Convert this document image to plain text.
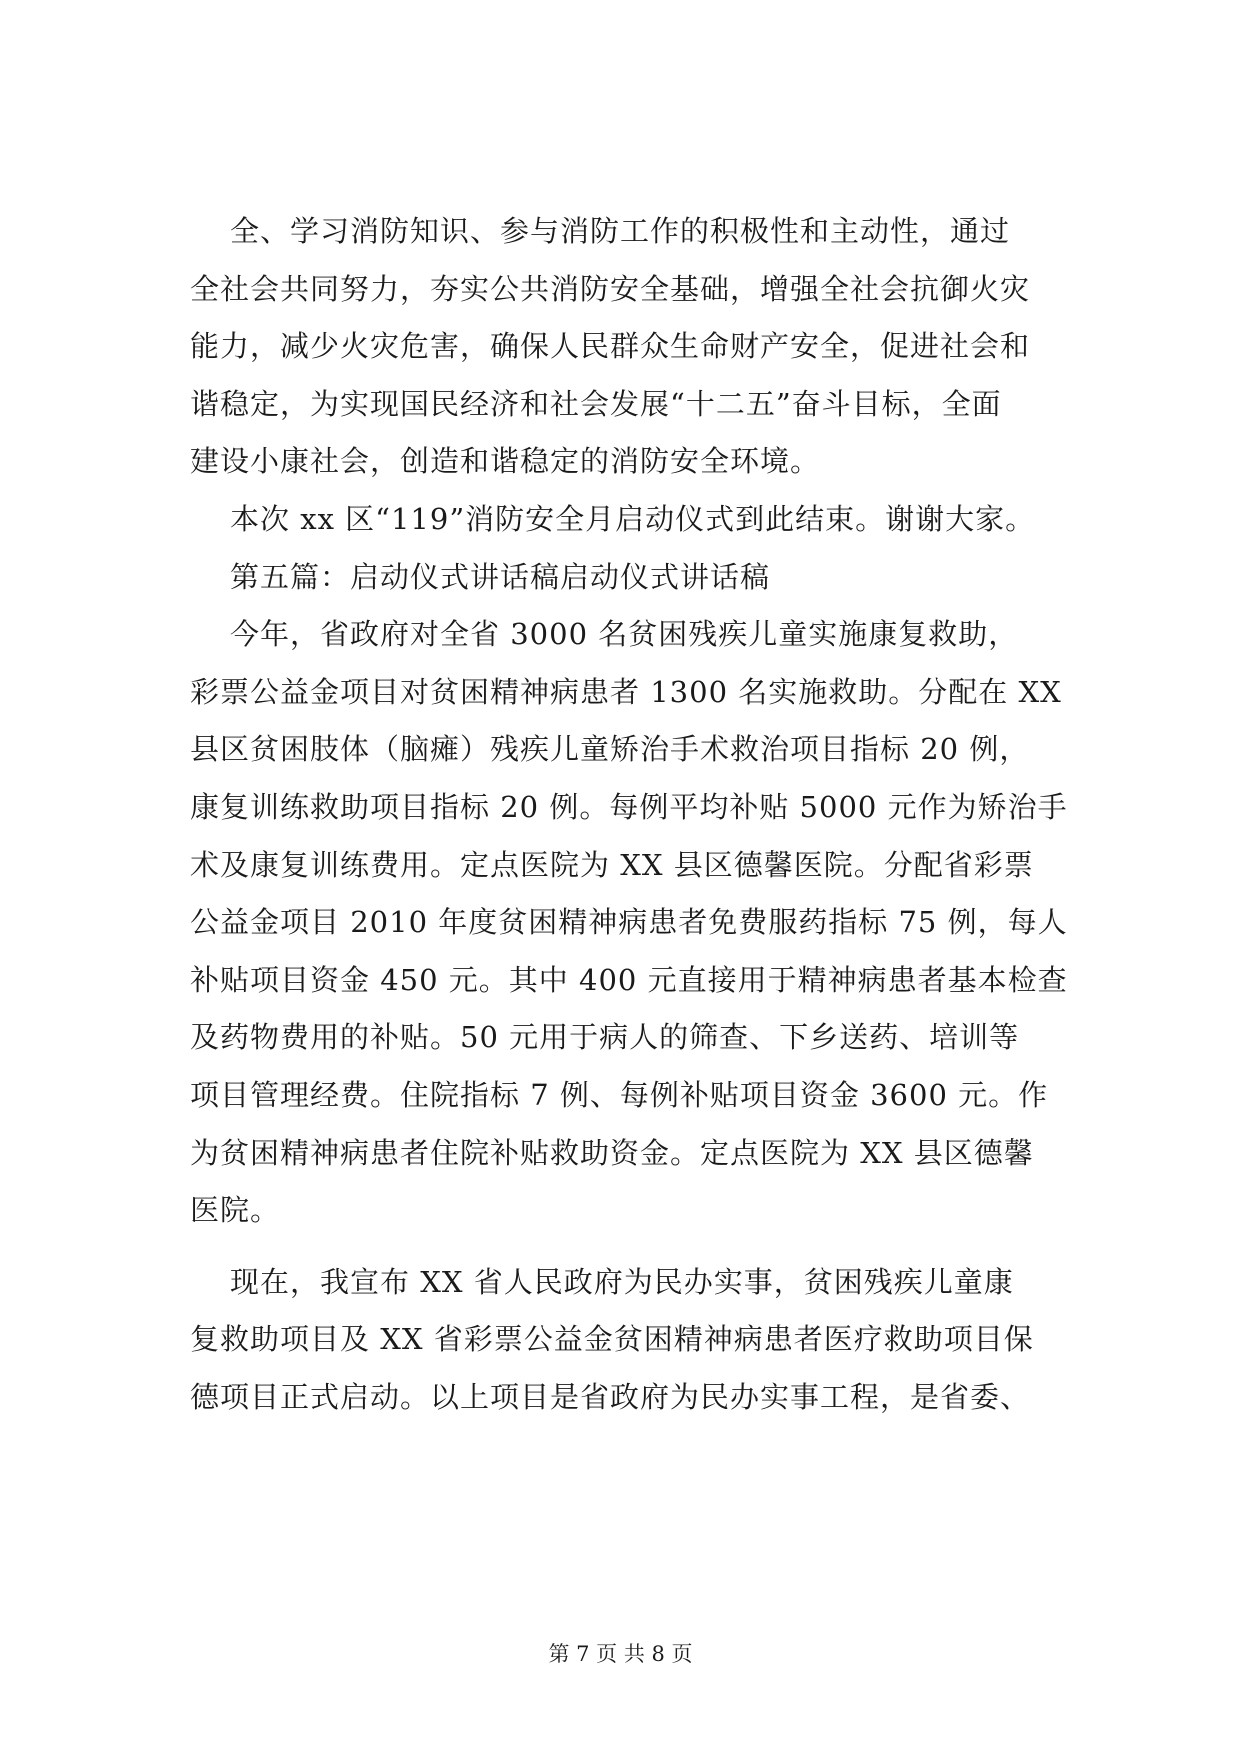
全、学习消防知识、参与消防工作的积极性和主动性，通过
全社会共同努力，夯实公共消防安全基础，增强全社会抗御火灾
能力，减少火灾危害，确保人民群众生命财产安全，促进社会和
谐稳定，为实现国民经济和社会发展“十二五”奋斗目标，全面
建设小康社会，创造和谐稳定的消防安全环境。
本次 xx 区“119”消防安全月启动仪式到此结束。谢谢大家。
第五篇：启动仪式讲话稿启动仪式讲话稿
今年，省政府对全省 3000 名贫困残疾儿童实施康复救助，
彩票公益金项目对贫困精神病患者 1300 名实施救助。分配在 XX
县区贫困肢体（脑瘫）残疾儿童矫治手术救治项目指标 20 例，
康复训练救助项目指标 20 例。每例平均补贴 5000 元作为矫治手
术及康复训练费用。定点医院为 XX 县区德馨医院。分配省彩票
公益金项目 2010 年度贫困精神病患者免费服药指标 75 例，每人
补贴项目资金 450 元。其中 400 元直接用于精神病患者基本检查
及药物费用的补贴。50 元用于病人的筛查、下乡送药、培训等
项目管理经费。住院指标 7 例、每例补贴项目资金 3600 元。作
为贫困精神病患者住院补贴救助资金。定点医院为 XX 县区德馨
医院。
现在，我宣布 XX 省人民政府为民办实事，贫困残疾儿童康
复救助项目及 XX 省彩票公益金贫困精神病患者医疗救助项目保
德项目正式启动。以上项目是省政府为民办实事工程，是省委、
第 7 页 共 8 页
